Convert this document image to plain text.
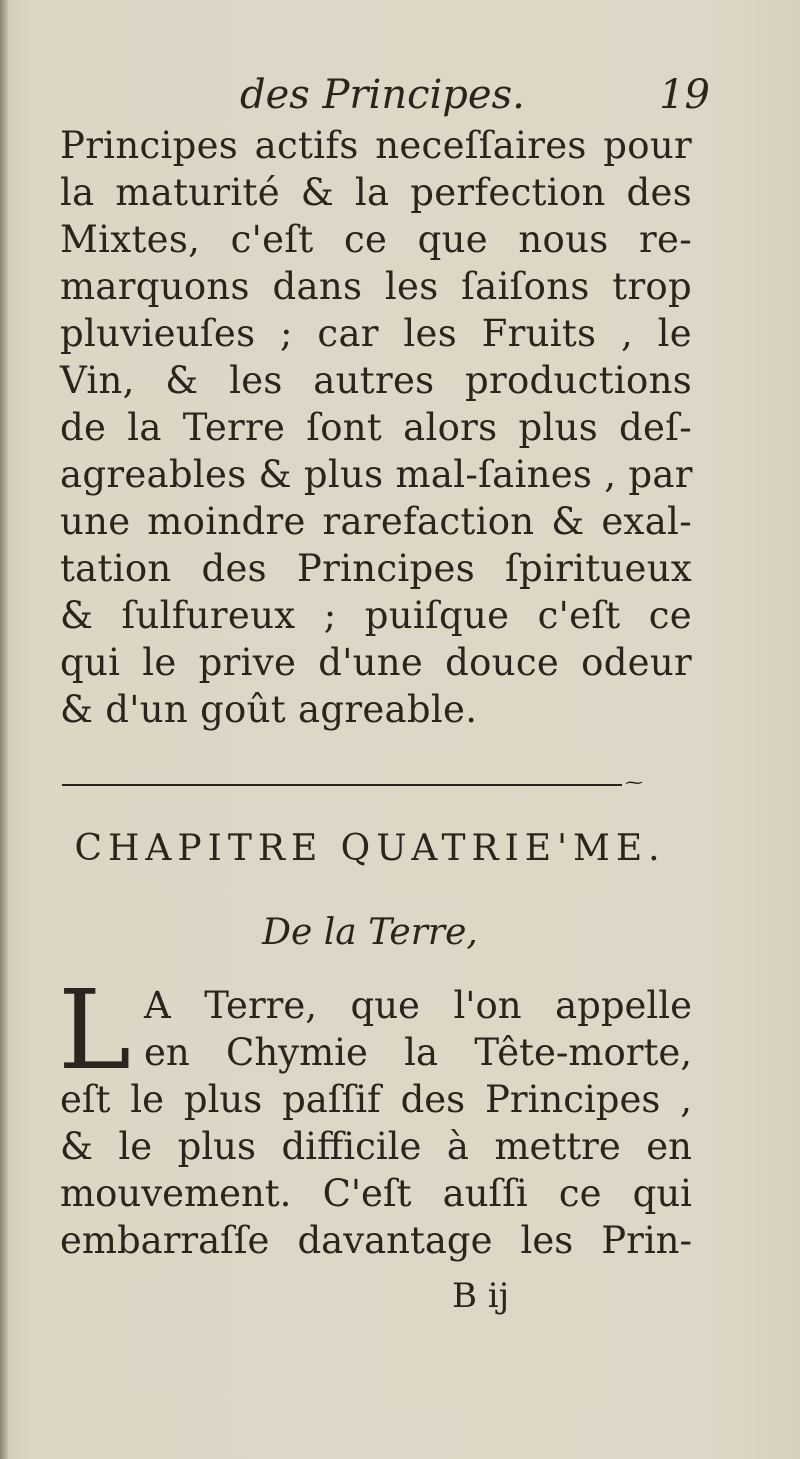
des Principes.	19
Principes actifs neceſſaires pour
la maturité & la perfection des
Mixtes, c'eſt ce que nous re-
marquons dans les ſaiſons trop
pluvieuſes ; car les Fruits , le
Vin, & les autres productions
de la Terre ſont alors plus deſ-
agreables & plus mal-ſaines , par
une moindre rarefaction & exal-
tation des Principes ſpiritueux
& ſulfureux ; puiſque c'eſt ce
qui le prive d'une douce odeur
& d'un goût agreable.
⁓
CHAPITRE QUATRIE'ME.
De la Terre,
L A Terre, que l'on appelle
en Chymie la Tête-morte,
eſt le plus paſſif des Principes ,
& le plus difficile à mettre en
mouvement. C'eſt auſſi ce qui
embarraſſe davantage les Prin-
B ij
